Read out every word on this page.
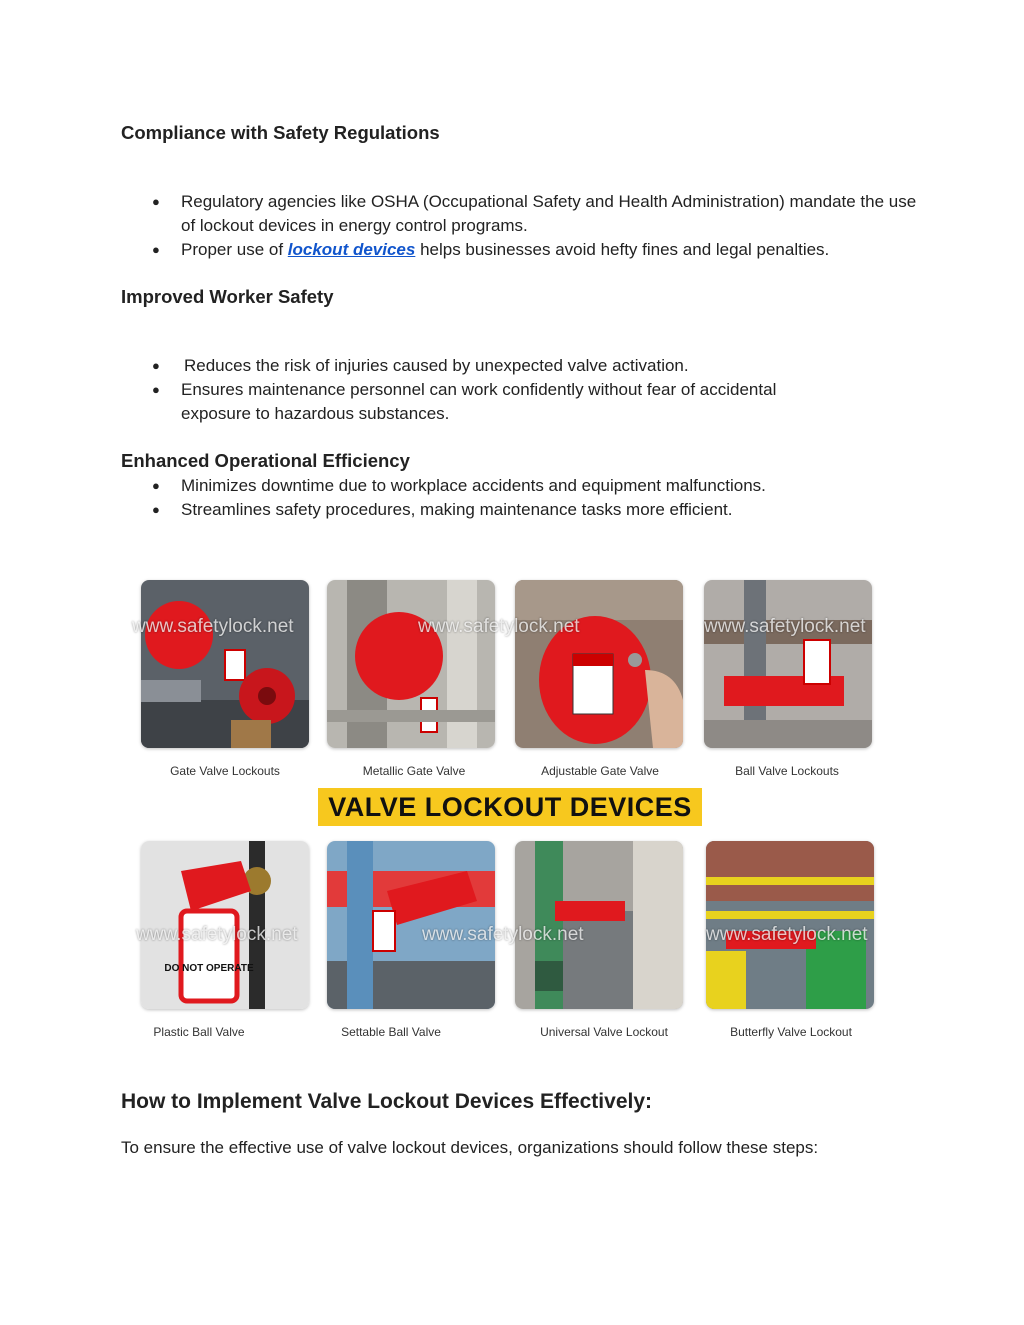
Compliance with Safety Regulations
● Regulatory agencies like OSHA (Occupational Safety and Health Administration) mandate the use of lockout devices in energy control programs.
● Proper use of lockout devices helps businesses avoid hefty fines and legal penalties.
Improved Worker Safety
● Reduces the risk of injuries caused by unexpected valve activation.
● Ensures maintenance personnel can work confidently without fear of accidental exposure to hazardous substances.
Enhanced Operational Efficiency
● Minimizes downtime due to workplace accidents and equipment malfunctions.
● Streamlines safety procedures, making maintenance tasks more efficient.
Gate Valve Lockouts	Metallic Gate Valve	Adjustable Gate Valve	Ball Valve Lockouts
VALVE LOCKOUT DEVICES
DO NOT OPERATE
Plastic Ball Valve	Settable Ball Valve	Universal Valve Lockout	Butterfly Valve Lockout
www.safetylock.net	www.safetylock.net	www.safetylock.net
www.safetylock.net	www.safetylock.net	www.safetylock.net
How to Implement Valve Lockout Devices Effectively:

To ensure the effective use of valve lockout devices, organizations should follow these steps:
